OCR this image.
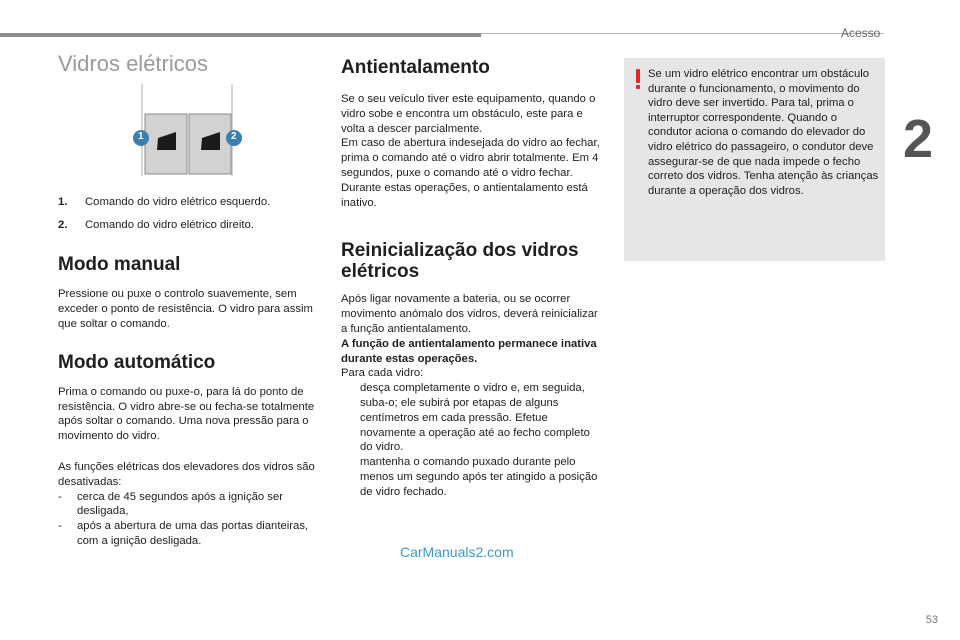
Acesso
2
Vidros elétricos
1	2
1.	Comando do vidro elétrico esquerdo.
2.	Comando do vidro elétrico direito.
Modo manual

Pressione ou puxe o controlo suavemente, sem exceder o ponto de resistência. O vidro para assim que soltar o comando.

Modo automático

Prima o comando ou puxe-o, para lá do ponto de resistência. O vidro abre-se ou fecha-se totalmente após soltar o comando. Uma nova pressão para o movimento do vidro.

As funções elétricas dos elevadores dos vidros são desativadas:

-	cerca de 45 segundos após a ignição ser desligada,
-	após a abertura de uma das portas dianteiras, com a ignição desligada.
Antientalamento

Se o seu veículo tiver este equipamento, quando o vidro sobe e encontra um obstáculo, este para e volta a descer parcialmente.

Em caso de abertura indesejada do vidro ao fechar, prima o comando até o vidro abrir totalmente. Em 4 segundos, puxe o comando até o vidro fechar.

Durante estas operações, o antientalamento está inativo.

Reinicialização dos vidros elétricos

Após ligar novamente a bateria, ou se ocorrer movimento anómalo dos vidros, deverá reinicializar a função antientalamento.

A função de antientalamento permanece inativa durante estas operações.

Para cada vidro:

desça completamente o vidro e, em seguida, suba-o; ele subirá por etapas de alguns centímetros em cada pressão. Efetue novamente a operação até ao fecho completo do vidro.
mantenha o comando puxado durante pelo menos um segundo após ter atingido a posição de vidro fechado.
Se um vidro elétrico encontrar um obstáculo durante o funcionamento, o movimento do vidro deve ser invertido. Para tal, prima o interruptor correspondente. Quando o condutor aciona o comando do elevador do vidro elétrico do passageiro, o condutor deve assegurar-se de que nada impede o fecho correto dos vidros. Tenha atenção às crianças durante a operação dos vidros.
CarManuals2.com
53
